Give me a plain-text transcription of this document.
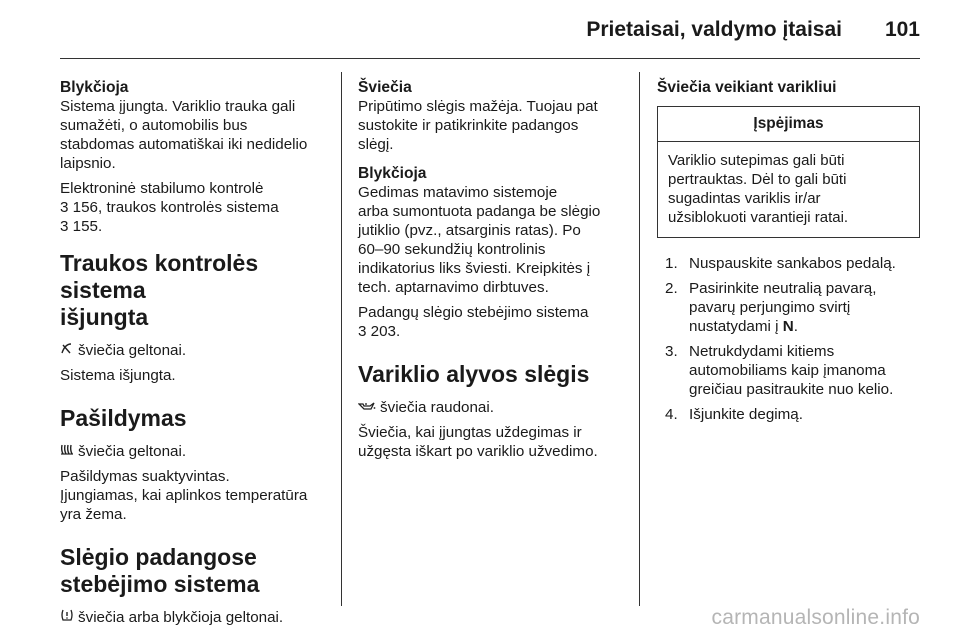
Prietaisai, valdymo įtaisai 101
Blykčioja

Sistema įjungta. Variklio trauka gali
sumažėti, o automobilis bus
stabdomas automatiškai iki nedidelio
laipsnio.

Elektroninė stabilumo kontrolė
3 156, traukos kontrolės sistema
3 155.

Traukos kontrolės sistema
išjungta

šviečia geltonai.

Sistema išjungta.

Pašildymas

šviečia geltonai.

Pašildymas suaktyvintas.
Įjungiamas, kai aplinkos temperatūra
yra žema.

Slėgio padangose
stebėjimo sistema

šviečia arba blykčioja geltonai.

Šviečia

Pripūtimo slėgis mažėja. Tuojau pat
sustokite ir patikrinkite padangos
slėgį.

Blykčioja

Gedimas matavimo sistemoje
arba sumontuota padanga be slėgio
jutiklio (pvz., atsarginis ratas). Po
60–90 sekundžių kontrolinis
indikatorius liks šviesti. Kreipkitės į
tech. aptarnavimo dirbtuves.

Padangų slėgio stebėjimo sistema
3 203.

Variklio alyvos slėgis

šviečia raudonai.

Šviečia, kai įjungtas uždegimas ir
užgęsta iškart po variklio užvedimo.

Šviečia veikiant varikliui
Įspėjimas
Variklio sutepimas gali būti
pertrauktas. Dėl to gali būti
sugadintas variklis ir/ar
užsiblokuoti varantieji ratai.
1. Nuspauskite sankabos pedalą.
2. Pasirinkite neutralią pavarą,
pavarų perjungimo svirtį
nustatydami į N.
3. Netrukdydami kitiems
automobiliams kaip įmanoma
greičiau pasitraukite nuo kelio.
4. Išjunkite degimą.
carmanualsonline.info
